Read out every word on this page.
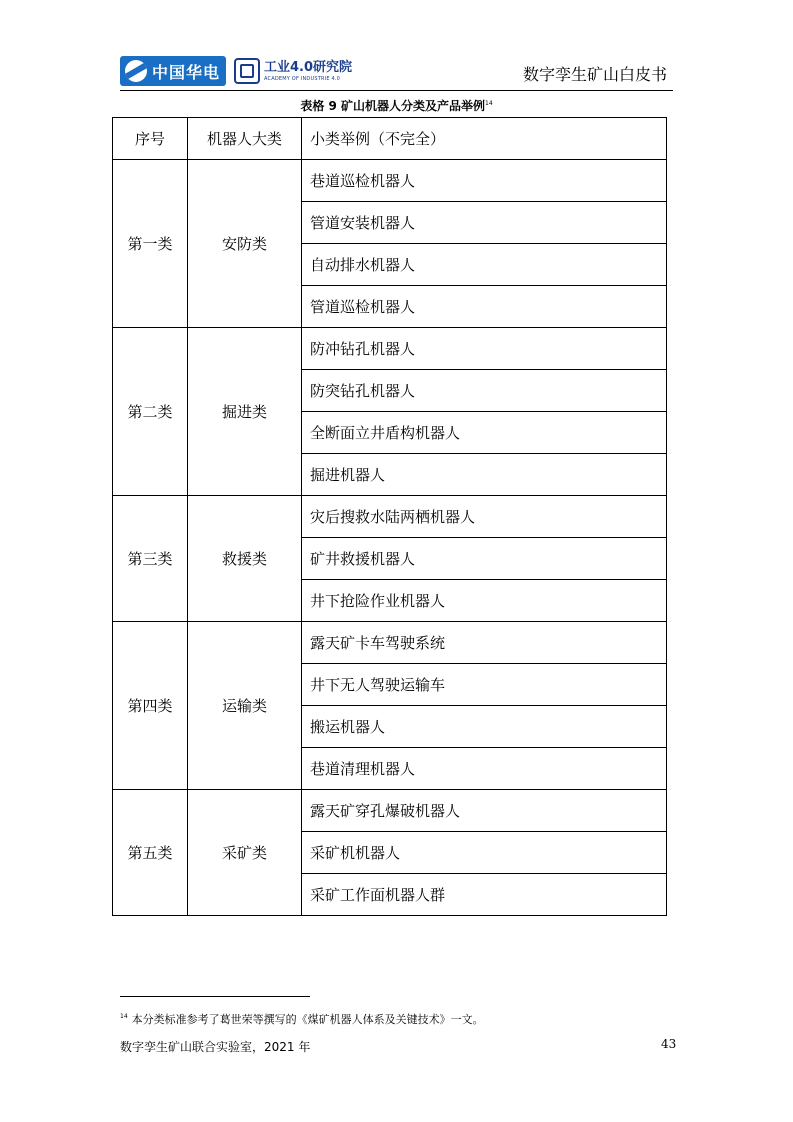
中国华电	工业4.0研究院
ACADEMY OF INDUSTRIE 4.0	数字孪生矿山白皮书
表格 9 矿山机器人分类及产品举例$^{14}$
序号	机器人大类	小类举例（不完全）
第一类	安防类	巷道巡检机器人
		管道安装机器人
		自动排水机器人
		管道巡检机器人
第二类	掘进类	防冲钻孔机器人
		防突钻孔机器人
		全断面立井盾构机器人
		掘进机器人
第三类	救援类	灾后搜救水陆两栖机器人
		矿井救援机器人
		井下抢险作业机器人
第四类	运输类	露天矿卡车驾驶系统
		井下无人驾驶运输车
		搬运机器人
		巷道清理机器人
第五类	采矿类	露天矿穿孔爆破机器人
		采矿机机器人
		采矿工作面机器人群
$^{14}$ 本分类标准参考了葛世荣等撰写的《煤矿机器人体系及关键技术》一文。
数字孪生矿山联合实验室，2021 年	43
